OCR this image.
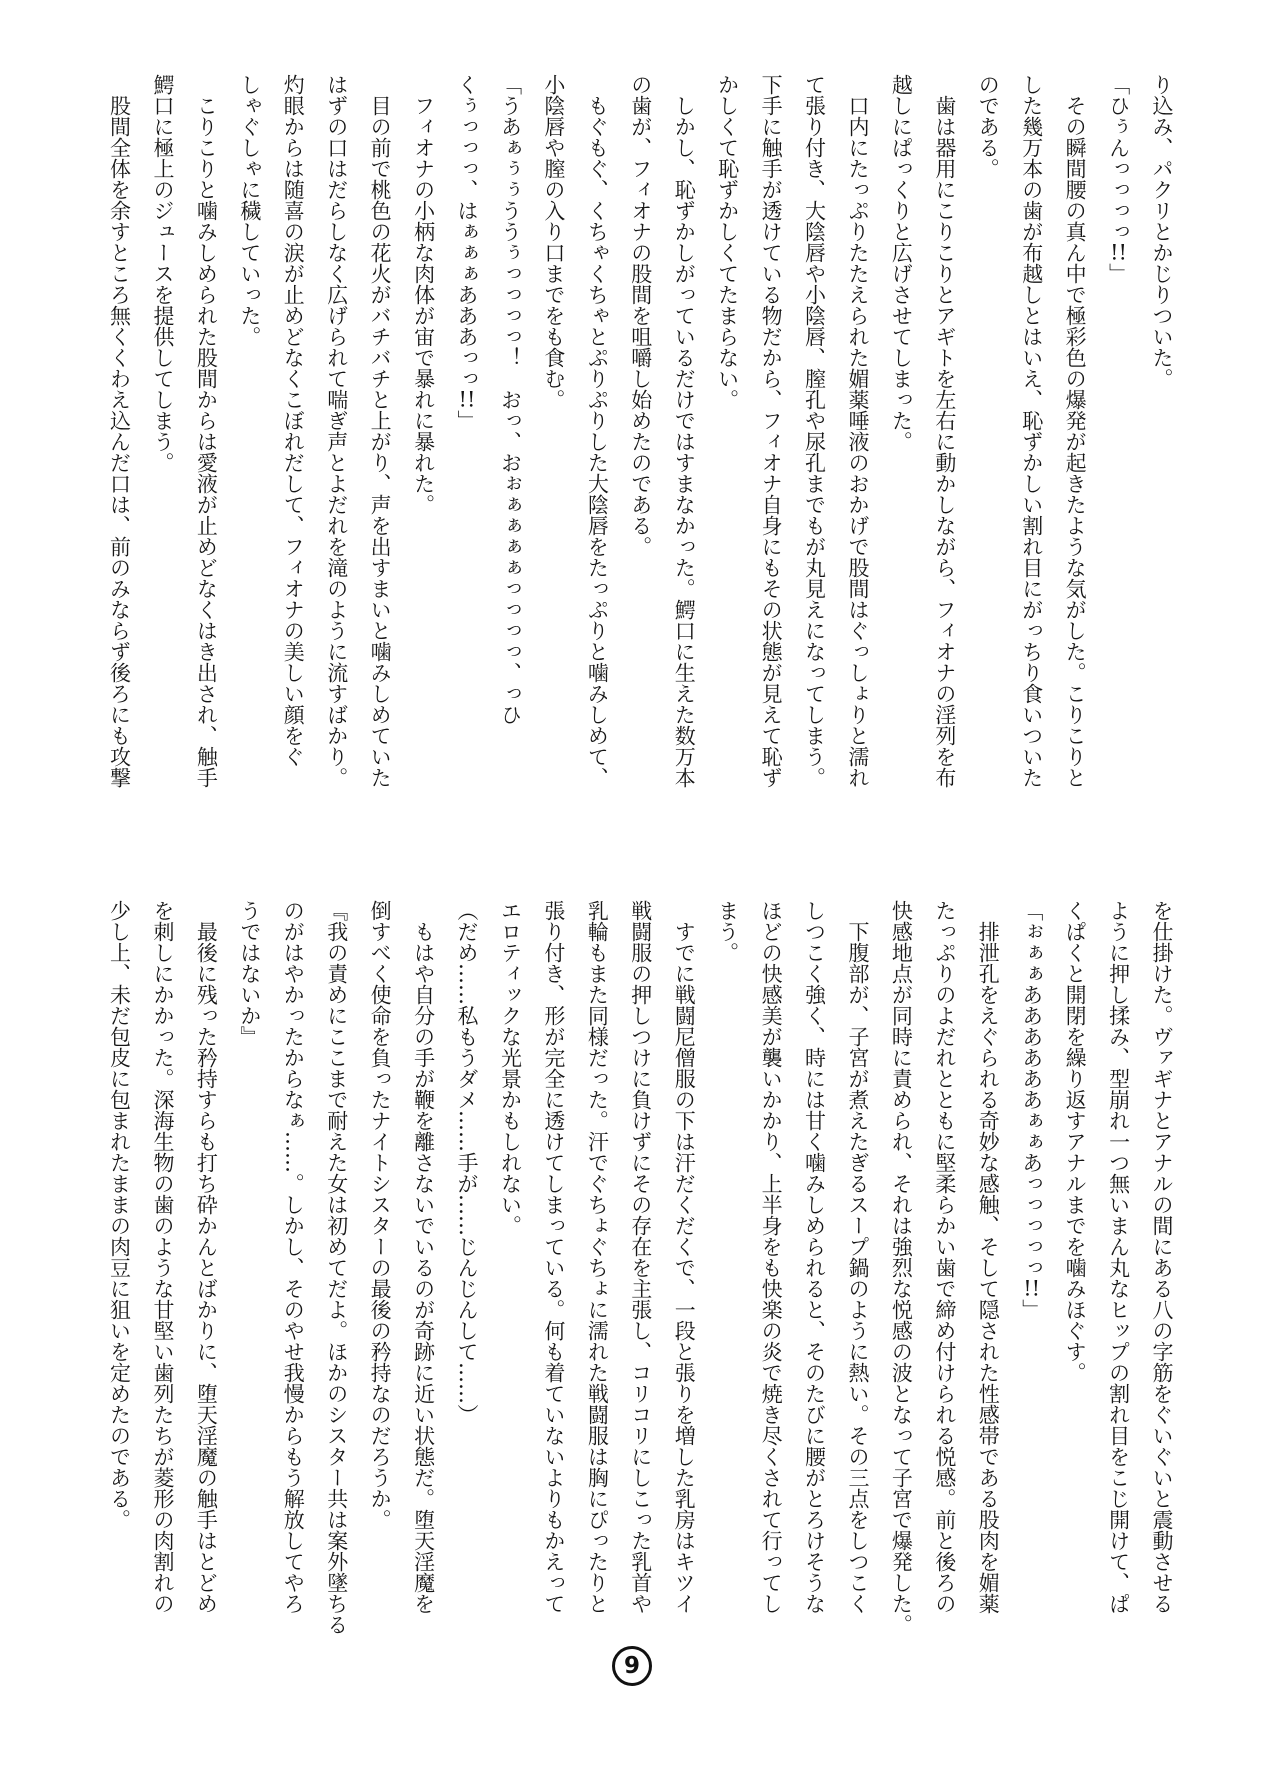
り込み、パクリとかじりついた。
「ひぅんっっっっ!!」
　その瞬間腰の真ん中で極彩色の爆発が起きたような気がした。こりこりと
した幾万本の歯が布越しとはいえ、恥ずかしい割れ目にがっちり食いついた
のである。
　歯は器用にこりこりとアギトを左右に動かしながら、フィオナの淫列を布
越しにぱっくりと広げさせてしまった。
　口内にたっぷりたたえられた媚薬唾液のおかげで股間はぐっしょりと濡れ
て張り付き、大陰唇や小陰唇、膣孔や尿孔までもが丸見えになってしまう。
下手に触手が透けている物だから、フィオナ自身にもその状態が見えて恥ず
かしくて恥ずかしくてたまらない。
　しかし、恥ずかしがっているだけではすまなかった。鰐口に生えた数万本
の歯が、フィオナの股間を咀嚼し始めたのである。
　もぐもぐ、くちゃくちゃとぷりぷりした大陰唇をたっぷりと噛みしめて、
小陰唇や膣の入り口までをも食む。
「うあぁぅぅううぅっっっっ！　おっ、おぉぁぁぁぁっっっっ、っひ
くぅっっっ、はぁぁぁあああっっ!!」
　フィオナの小柄な肉体が宙で暴れに暴れた。
　目の前で桃色の花火がバチバチと上がり、声を出すまいと噛みしめていた
はずの口はだらしなく広げられて喘ぎ声とよだれを滝のように流すばかり。
灼眼からは随喜の涙が止めどなくこぼれだして、フィオナの美しい顔をぐ
しゃぐしゃに穢していった。
　こりこりと噛みしめられた股間からは愛液が止めどなくはき出され、触手
鰐口に極上のジュースを提供してしまう。
　股間全体を余すところ無くくわえ込んだ口は、前のみならず後ろにも攻撃
を仕掛けた。ヴァギナとアナルの間にある八の字筋をぐいぐいと震動させる
ように押し揉み、型崩れ一つ無いまん丸なヒップの割れ目をこじ開けて、ぱ
くぱくと開閉を繰り返すアナルまでを噛みほぐす。
「ぉぁぁああああああぁぁあっっっっっ!!」
　排泄孔をえぐられる奇妙な感触、そして隠された性感帯である股肉を媚薬
たっぷりのよだれとともに堅柔らかい歯で締め付けられる悦感。前と後ろの
快感地点が同時に責められ、それは強烈な悦感の波となって子宮で爆発した。
　下腹部が、子宮が煮えたぎるスープ鍋のように熱い。その三点をしつこく
しつこく強く、時には甘く噛みしめられると、そのたびに腰がとろけそうな
ほどの快感美が襲いかかり、上半身をも快楽の炎で焼き尽くされて行ってし
まう。
　すでに戦闘尼僧服の下は汗だくだくで、一段と張りを増した乳房はキツイ
戦闘服の押しつけに負けずにその存在を主張し、コリコリにしこった乳首や
乳輪もまた同様だった。汗でぐちょぐちょに濡れた戦闘服は胸にぴったりと
張り付き、形が完全に透けてしまっている。何も着ていないよりもかえって
エロティックな光景かもしれない。
（だめ……私もうダメ……手が……じんじんして……）
　もはや自分の手が鞭を離さないでいるのが奇跡に近い状態だ。堕天淫魔を
倒すべく使命を負ったナイトシスターの最後の矜持なのだろうか。
『我の責めにここまで耐えた女は初めてだよ。ほかのシスター共は案外墜ちる
のがはやかったからなぁ……。しかし、そのやせ我慢からもう解放してやろ
うではないか』
　最後に残った矜持すらも打ち砕かんとばかりに、堕天淫魔の触手はとどめ
を刺しにかかった。深海生物の歯のような甘堅い歯列たちが菱形の肉割れの
少し上、未だ包皮に包まれたままの肉豆に狙いを定めたのである。
9
